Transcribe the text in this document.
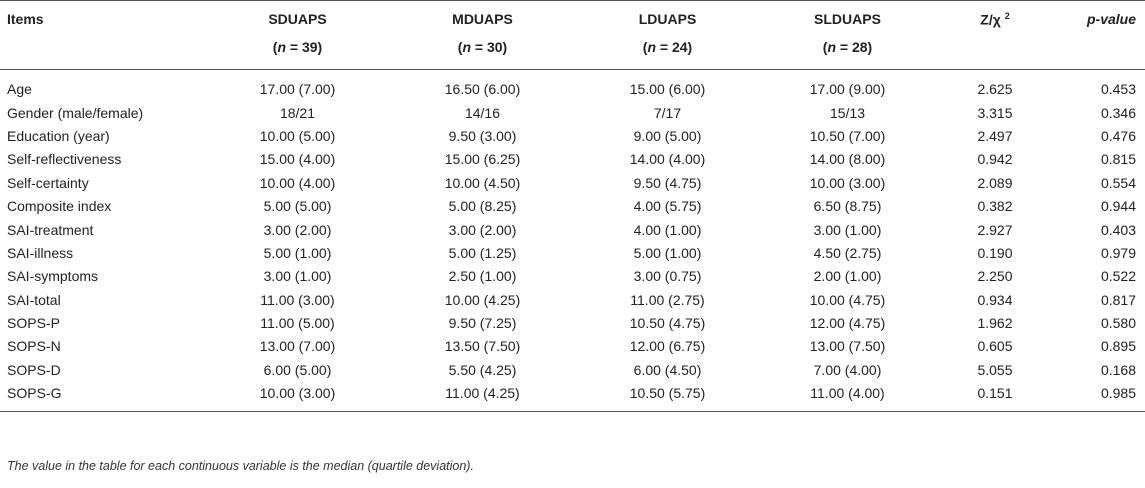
Items	SDUAPS	MDUAPS	LDUAPS	SLDUAPS	Z/χ $^2$	p-value
	(n = 39)	(n = 30)	(n = 24)	(n = 28)		
Age	17.00 (7.00)	16.50 (6.00)	15.00 (6.00)	17.00 (9.00)	2.625	0.453
Gender (male/female)	18/21	14/16	7/17	15/13	3.315	0.346
Education (year)	10.00 (5.00)	9.50 (3.00)	9.00 (5.00)	10.50 (7.00)	2.497	0.476
Self-reflectiveness	15.00 (4.00)	15.00 (6.25)	14.00 (4.00)	14.00 (8.00)	0.942	0.815
Self-certainty	10.00 (4.00)	10.00 (4.50)	9.50 (4.75)	10.00 (3.00)	2.089	0.554
Composite index	5.00 (5.00)	5.00 (8.25)	4.00 (5.75)	6.50 (8.75)	0.382	0.944
SAI-treatment	3.00 (2.00)	3.00 (2.00)	4.00 (1.00)	3.00 (1.00)	2.927	0.403
SAI-illness	5.00 (1.00)	5.00 (1.25)	5.00 (1.00)	4.50 (2.75)	0.190	0.979
SAI-symptoms	3.00 (1.00)	2.50 (1.00)	3.00 (0.75)	2.00 (1.00)	2.250	0.522
SAI-total	11.00 (3.00)	10.00 (4.25)	11.00 (2.75)	10.00 (4.75)	0.934	0.817
SOPS-P	11.00 (5.00)	9.50 (7.25)	10.50 (4.75)	12.00 (4.75)	1.962	0.580
SOPS-N	13.00 (7.00)	13.50 (7.50)	12.00 (6.75)	13.00 (7.50)	0.605	0.895
SOPS-D	6.00 (5.00)	5.50 (4.25)	6.00 (4.50)	7.00 (4.00)	5.055	0.168
SOPS-G	10.00 (3.00)	11.00 (4.25)	10.50 (5.75)	11.00 (4.00)	0.151	0.985
The value in the table for each continuous variable is the median (quartile deviation).
